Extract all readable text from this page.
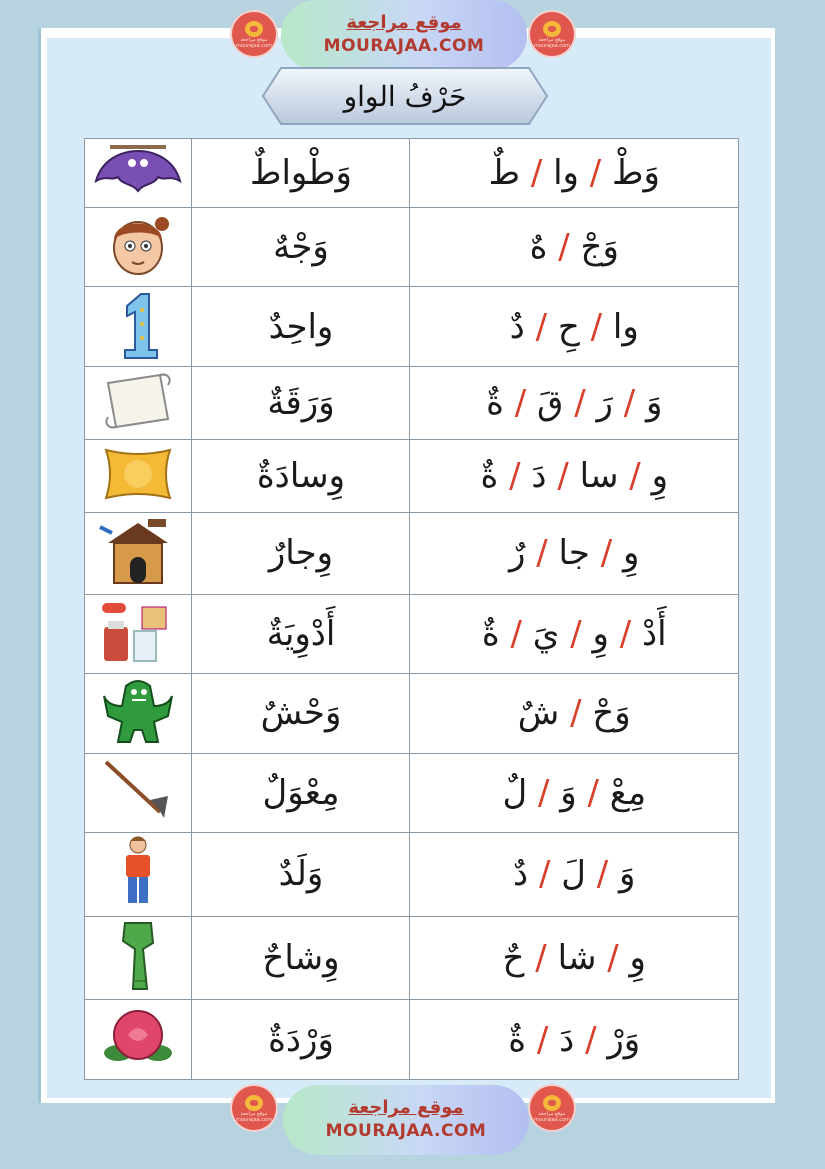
موقع مراجعة mourajaa.com
موقع مراجعة
MOURAJAA.COM	موقع مراجعة mourajaa.com
حَرْفُ الواو
	وَطْواطٌ	وَطْ / وا / طٌ
	وَجْهٌ	وَجْ / هٌ
	واحِدٌ	وا / حِ / دٌ
	وَرَقَةٌ	وَ / رَ / قَ / ةٌ
	وِسادَةٌ	وِ / سا / دَ / ةٌ
	وِجارٌ	وِ / جا / رٌ
	أَدْوِيَةٌ	أَدْ / وِ / يَ / ةٌ
	وَحْشٌ	وَحْ / شٌ
	مِعْوَلٌ	مِعْ / وَ / لٌ
	وَلَدٌ	وَ / لَ / دٌ
	وِشاحٌ	وِ / شا / حٌ
	وَرْدَةٌ	وَرْ / دَ / ةٌ
موقع مراجعة mourajaa.com
موقع مراجعة
MOURAJAA.COM
موقع مراجعة mourajaa.com
